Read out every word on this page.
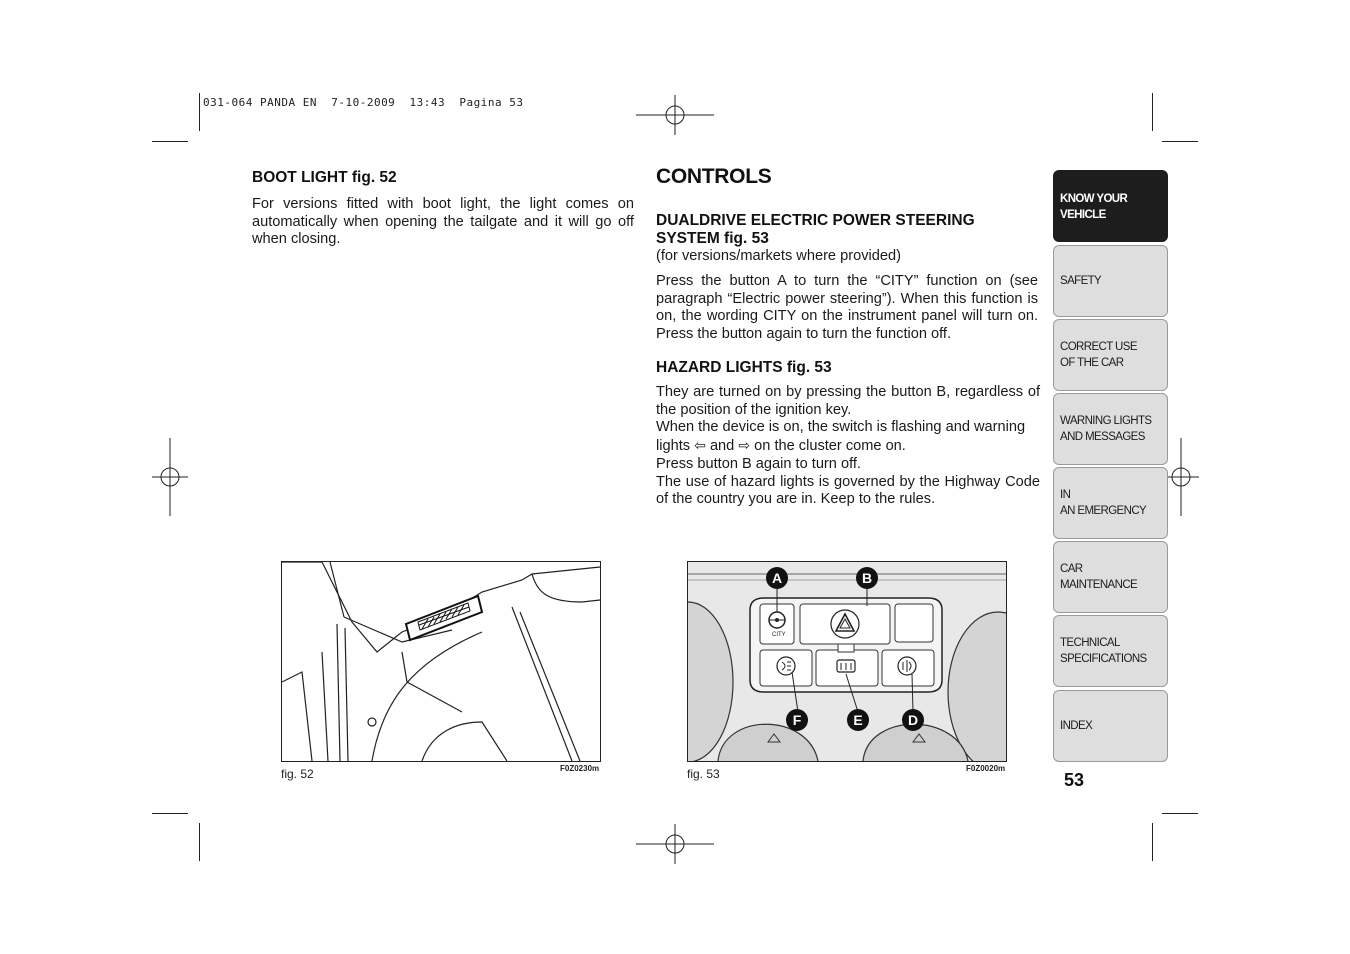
031-064 PANDA EN  7-10-2009  13:43  Pagina 53
BOOT LIGHT fig. 52

For versions fitted with boot light, the light comes on automatically when opening the tailgate and it will go off when closing.

CONTROLS
DUALDRIVE ELECTRIC POWER STEERING SYSTEM fig. 53
(for versions/markets where provided)
Press the button A to turn the “CITY” function on (see paragraph “Electric power steering”). When this function is on, the wording CITY on the instrument panel will turn on. Press the button again to turn the function off.
HAZARD LIGHTS fig. 53

They are turned on by pressing the button B, regardless of the position of the ignition key.

When the device is on, the switch is flashing and warning lights ⇦ and ⇨ on the cluster come on.

Press button B again to turn off.

The use of hazard lights is governed by the Highway Code of the country you are in. Keep to the rules.

fig. 52	F0Z0230m
CITY
A	B
F	E	D
fig. 53	F0Z0020m
KNOW YOUR
VEHICLE
SAFETY
CORRECT USE
OF THE CAR
WARNING LIGHTS
AND MESSAGES
IN
AN EMERGENCY
CAR
MAINTENANCE
TECHNICAL
SPECIFICATIONS
INDEX
53
